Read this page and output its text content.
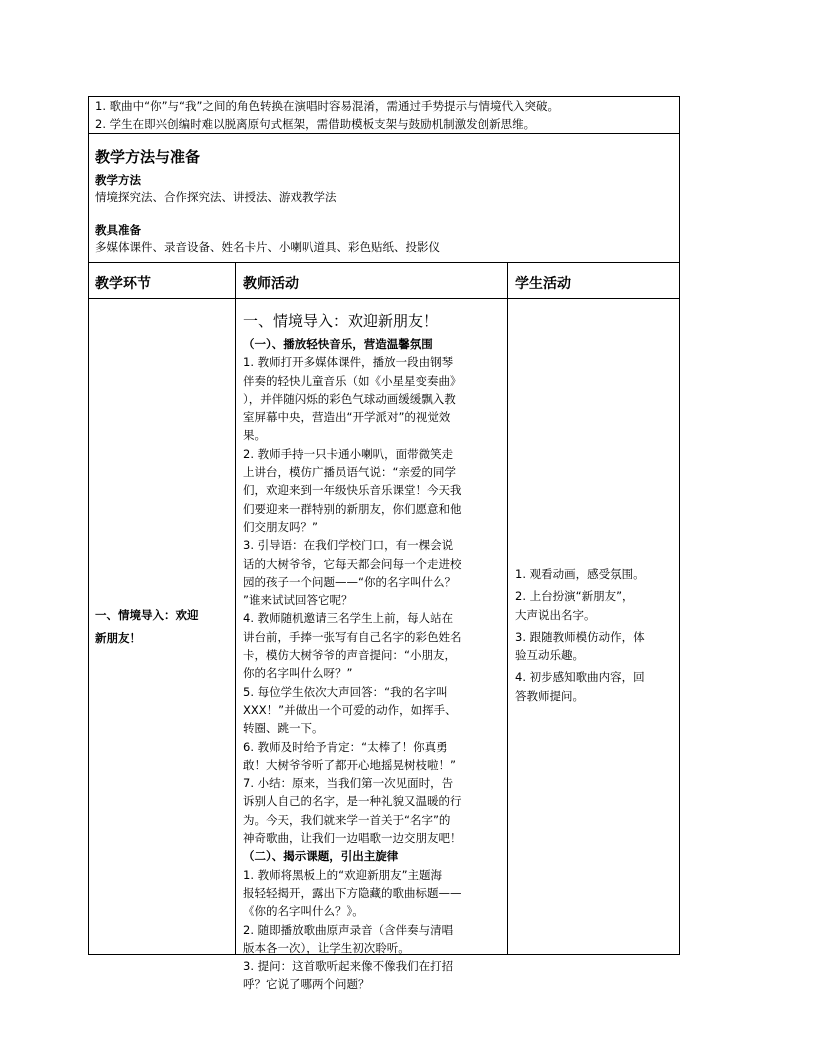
1. 歌曲中“你”与“我”之间的角色转换在演唱时容易混淆，需通过手势提示与情境代入突破。
2. 学生在即兴创编时难以脱离原句式框架，需借助模板支架与鼓励机制激发创新思维。
教学方法与准备
教学方法
情境探究法、合作探究法、讲授法、游戏教学法
教具准备
多媒体课件、录音设备、姓名卡片、小喇叭道具、彩色贴纸、投影仪
教学环节	教师活动	学生活动
一、情境导入：欢迎
新朋友！
一、情境导入：欢迎新朋友！

（一）、播放轻快音乐，营造温馨氛围

1. 教师打开多媒体课件，播放一段由钢琴

伴奏的轻快儿童音乐（如《小星星变奏曲》

），并伴随闪烁的彩色气球动画缓缓飘入教

室屏幕中央，营造出“开学派对”的视觉效

果。

2. 教师手持一只卡通小喇叭，面带微笑走

上讲台，模仿广播员语气说：“亲爱的同学

们，欢迎来到一年级快乐音乐课堂！今天我

们要迎来一群特别的新朋友，你们愿意和他

们交朋友吗？”

3. 引导语：在我们学校门口，有一棵会说

话的大树爷爷，它每天都会问每一个走进校

园的孩子一个问题——“你的名字叫什么？

”谁来试试回答它呢？

4. 教师随机邀请三名学生上前，每人站在

讲台前，手捧一张写有自己名字的彩色姓名

卡，模仿大树爷爷的声音提问：“小朋友，

你的名字叫什么呀？”

5. 每位学生依次大声回答：“我的名字叫

XXX！”并做出一个可爱的动作，如挥手、

转圈、跳一下。

6. 教师及时给予肯定：“太棒了！你真勇

敢！大树爷爷听了都开心地摇晃树枝啦！”

7. 小结：原来，当我们第一次见面时，告

诉别人自己的名字，是一种礼貌又温暖的行

为。今天，我们就来学一首关于“名字”的

神奇歌曲，让我们一边唱歌一边交朋友吧！

（二）、揭示课题，引出主旋律

1. 教师将黑板上的“欢迎新朋友”主题海

报轻轻揭开，露出下方隐藏的歌曲标题——

《你的名字叫什么？》。

2. 随即播放歌曲原声录音（含伴奏与清唱

版本各一次），让学生初次聆听。

3. 提问：这首歌听起来像不像我们在打招

呼？它说了哪两个问题？

1. 观看动画，感受氛围。

2. 上台扮演“新朋友”，

大声说出名字。

3. 跟随教师模仿动作，体

验互动乐趣。

4. 初步感知歌曲内容，回

答教师提问。
